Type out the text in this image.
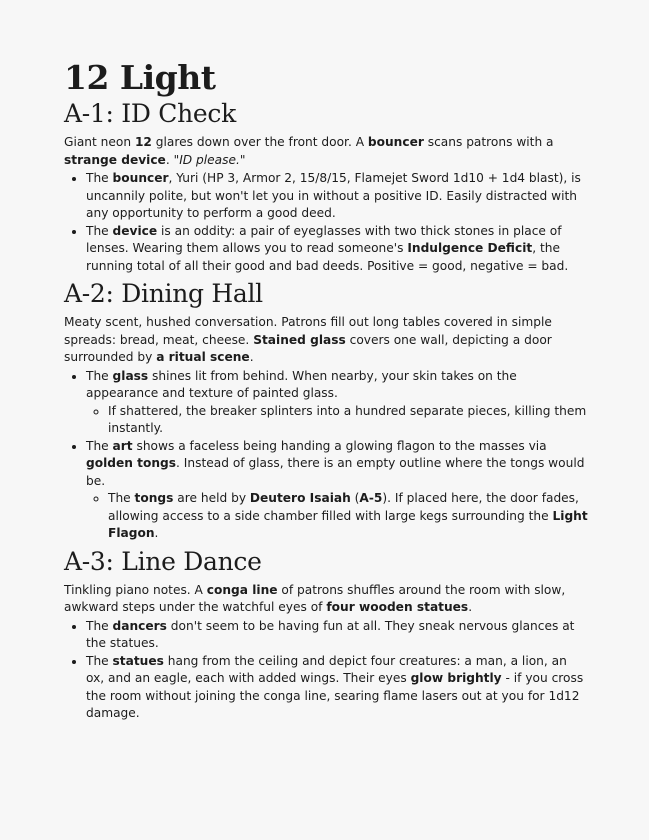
12 Light
A-1: ID Check

Giant neon 12 glares down over the front door. A bouncer scans patrons with a strange device. "ID please."

• The bouncer, Yuri (HP 3, Armor 2, 15/8/15, Flamejet Sword 1d10 + 1d4 blast), is uncannily polite, but won't let you in without a positive ID. Easily distracted with any opportunity to perform a good deed.
• The device is an oddity: a pair of eyeglasses with two thick stones in place of lenses. Wearing them allows you to read someone's Indulgence Deficit, the running total of all their good and bad deeds. Positive = good, negative = bad.
A-2: Dining Hall

Meaty scent, hushed conversation. Patrons fill out long tables covered in simple spreads: bread, meat, cheese. Stained glass covers one wall, depicting a door surrounded by a ritual scene.

• The glass shines lit from behind. When nearby, your skin takes on the appearance and texture of painted glass.
◦ If shattered, the breaker splinters into a hundred separate pieces, killing them instantly.
• The art shows a faceless being handing a glowing flagon to the masses via golden tongs. Instead of glass, there is an empty outline where the tongs would be.
◦ The tongs are held by Deutero Isaiah (A-5). If placed here, the door fades, allowing access to a side chamber filled with large kegs surrounding the Light Flagon.
A-3: Line Dance

Tinkling piano notes. A conga line of patrons shuffles around the room with slow, awkward steps under the watchful eyes of four wooden statues.

• The dancers don't seem to be having fun at all. They sneak nervous glances at the statues.
• The statues hang from the ceiling and depict four creatures: a man, a lion, an ox, and an eagle, each with added wings. Their eyes glow brightly - if you cross the room without joining the conga line, searing flame lasers out at you for 1d12 damage.
